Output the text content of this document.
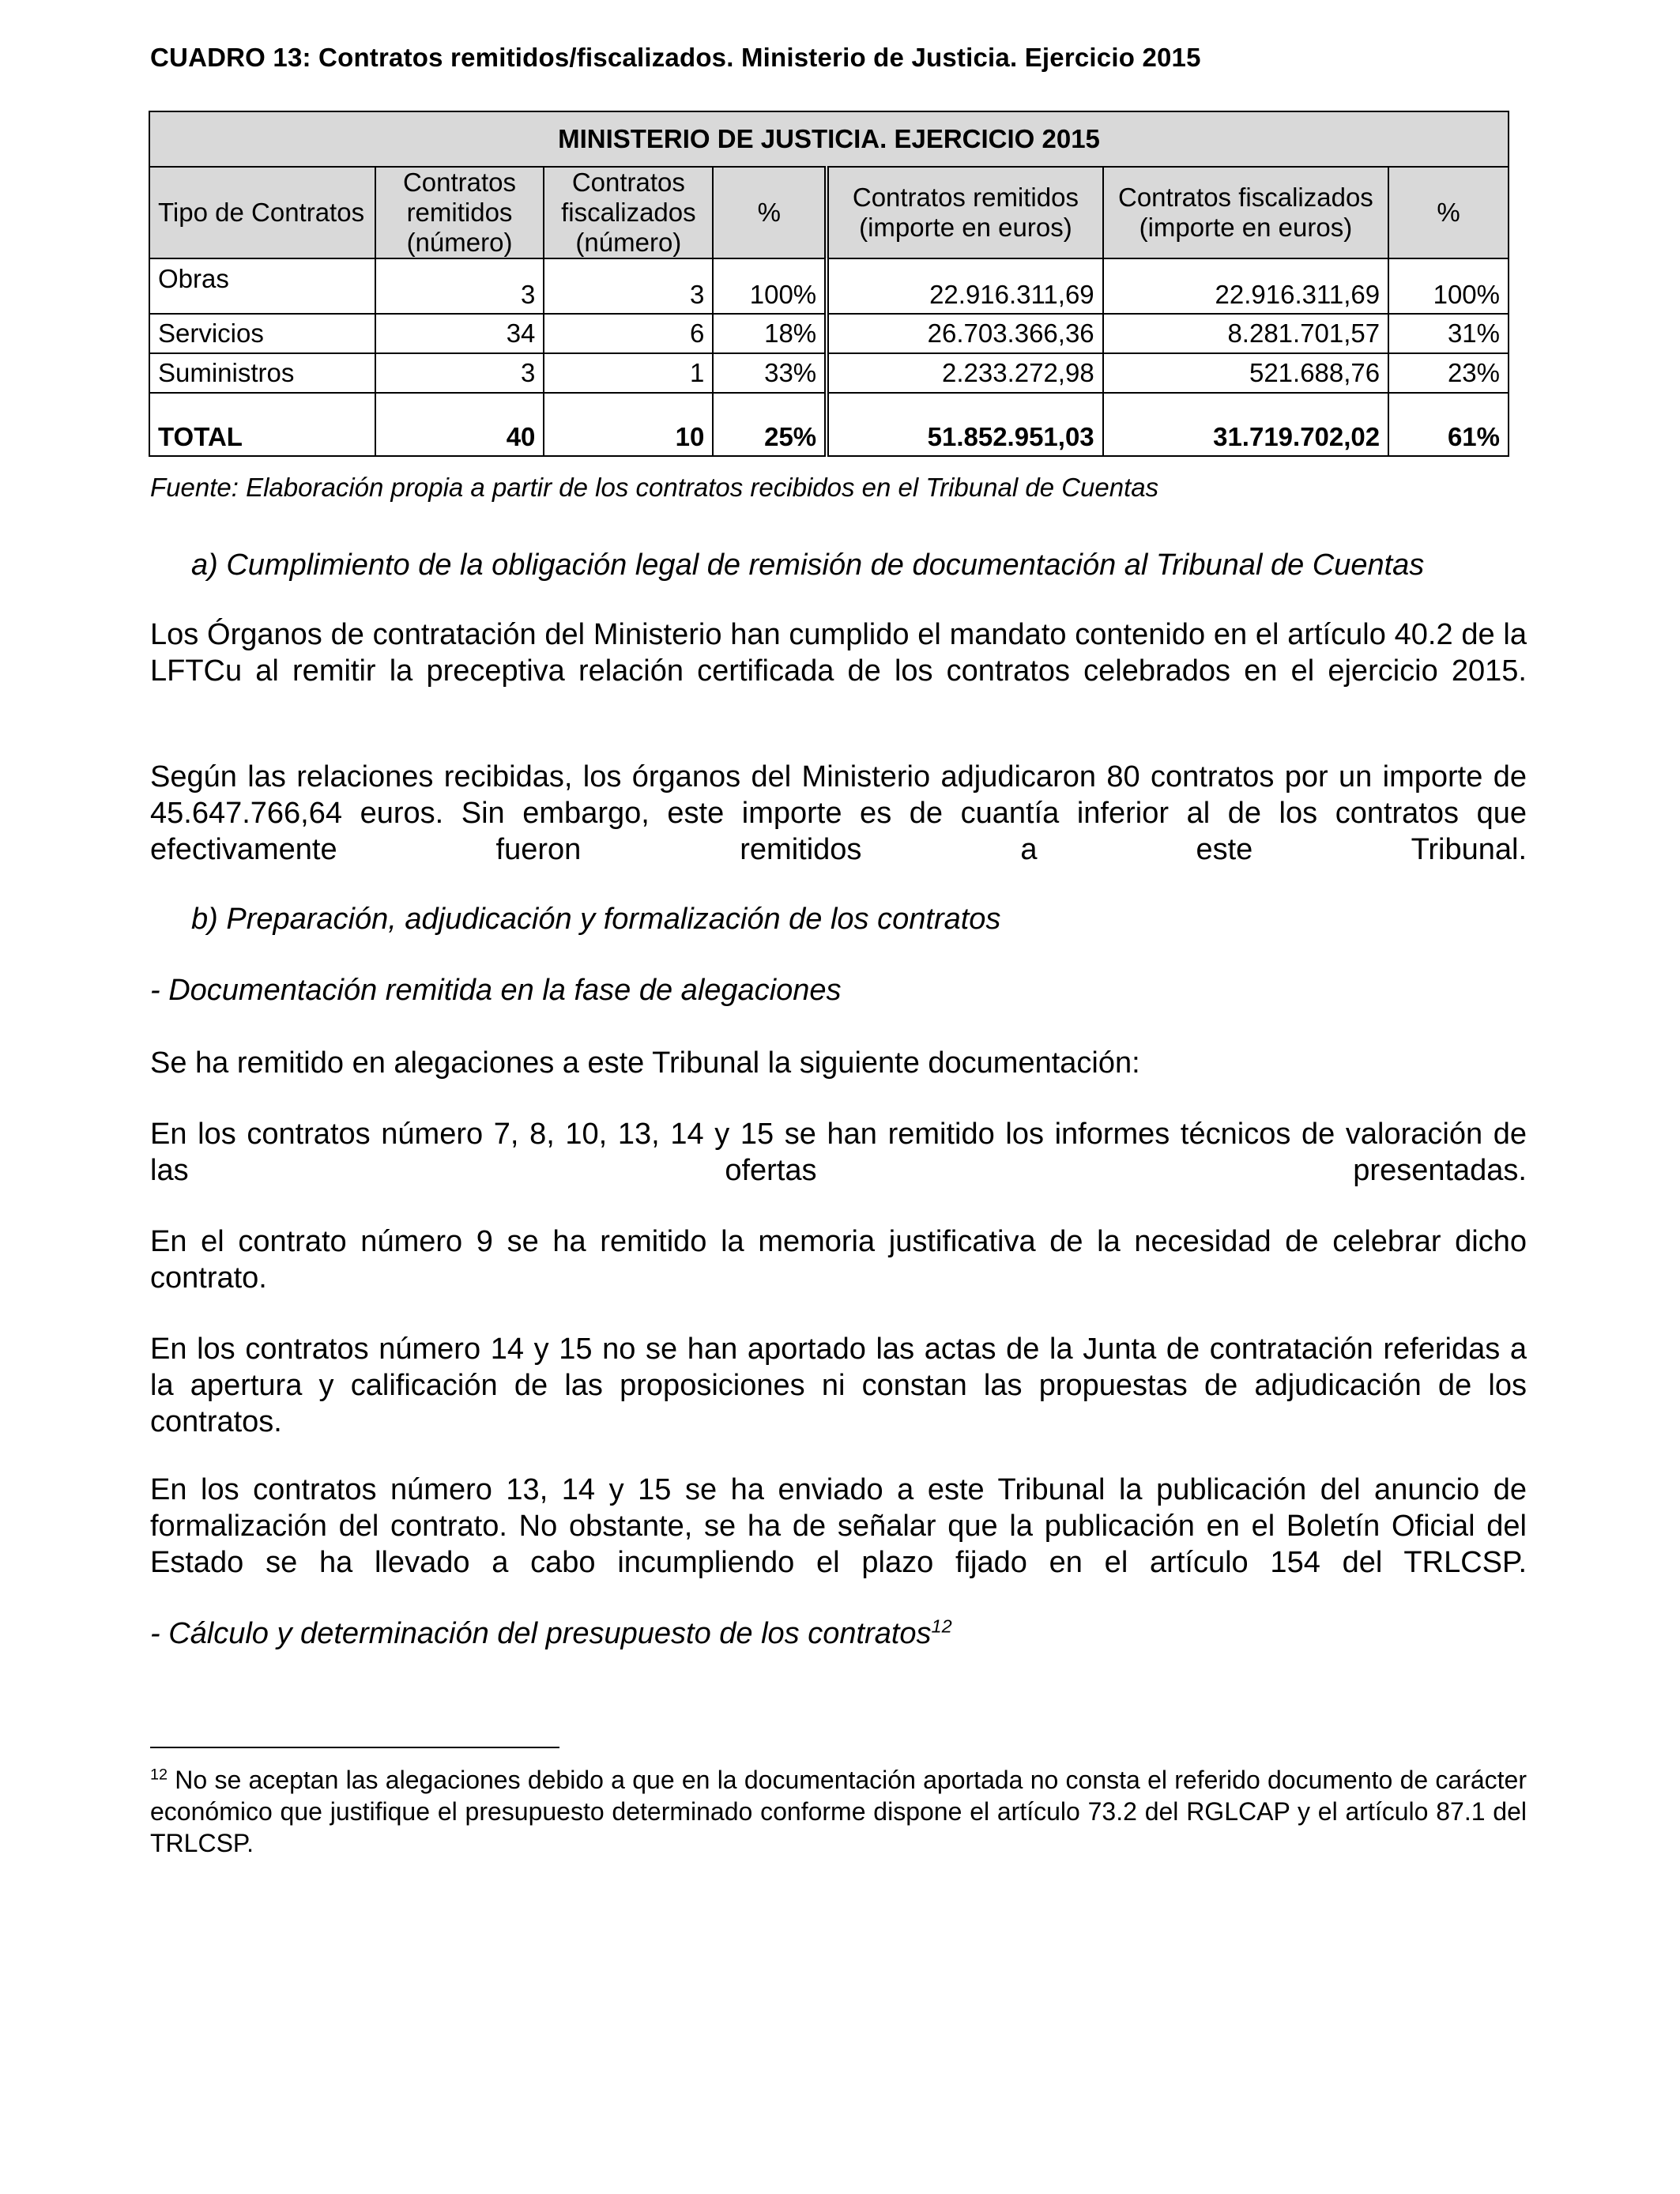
CUADRO 13: Contratos remitidos/fiscalizados. Ministerio de Justicia. Ejercicio 2015
MINISTERIO DE JUSTICIA. EJERCICIO 2015						
Tipo de Contratos	Contratos remitidos (número)	Contratos fiscalizados (número)	%	Contratos remitidos (importe en euros)	Contratos fiscalizados (importe en euros)	%
Obras	3	3	100%	22.916.311,69	22.916.311,69	100%
Servicios	34	6	18%	26.703.366,36	8.281.701,57	31%
Suministros	3	1	33%	2.233.272,98	521.688,76	23%
TOTAL	40	10	25%	51.852.951,03	31.719.702,02	61%
Fuente: Elaboración propia a partir de los contratos recibidos en el Tribunal de Cuentas
a) Cumplimiento de la obligación legal de remisión de documentación al Tribunal de Cuentas
Los Órganos de contratación del Ministerio han cumplido el mandato contenido en el artículo 40.2 de la LFTCu al remitir la preceptiva relación certificada de los contratos celebrados en el ejercicio 2015.
Según las relaciones recibidas, los órganos del Ministerio adjudicaron 80 contratos por un importe de 45.647.766,64 euros. Sin embargo, este importe es de cuantía inferior al de los contratos que efectivamente fueron remitidos a este Tribunal.
b) Preparación, adjudicación y formalización de los contratos
- Documentación remitida en la fase de alegaciones
Se ha remitido en alegaciones a este Tribunal la siguiente documentación:
En los contratos número 7, 8, 10, 13, 14 y 15 se han remitido los informes técnicos de valoración de las ofertas presentadas.
En el contrato número 9 se ha remitido la memoria justificativa de la necesidad de celebrar dicho contrato.
En los contratos número 14 y 15 no se han aportado las actas de la Junta de contratación referidas a la apertura y calificación de las proposiciones ni constan las propuestas de adjudicación de los contratos.
En los contratos número 13, 14 y 15 se ha enviado a este Tribunal la publicación del anuncio de formalización del contrato. No obstante, se ha de señalar que la publicación en el Boletín Oficial del Estado se ha llevado a cabo incumpliendo el plazo fijado en el artículo 154 del TRLCSP.
- Cálculo y determinación del presupuesto de los contratos$^{12}$
$^{12}$ No se aceptan las alegaciones debido a que en la documentación aportada no consta el referido documento de carácter económico que justifique el presupuesto determinado conforme dispone el artículo 73.2 del RGLCAP y el artículo 87.1 del TRLCSP.
